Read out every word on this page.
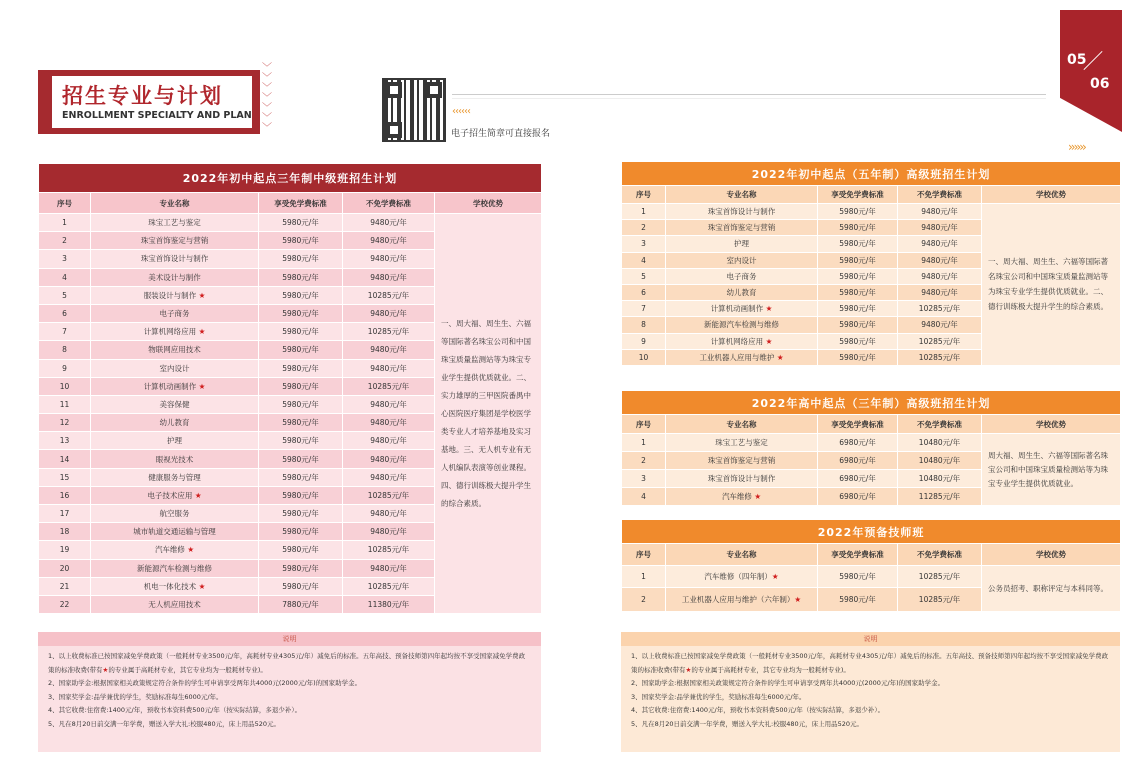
招生专业与计划
ENROLLMENT SPECIALTY AND PLAN
﹀
﹀
﹀
﹀
﹀
﹀
﹀
‹‹‹‹‹‹
电子招生简章可直接报名
05
06
››››››
2022年初中起点三年制中级班招生计划				
序号	专业名称	享受免学费标准	不免学费标准	学校优势
1	珠宝工艺与鉴定	5980元/年	9480元/年	一、周大福、周生生、六福等国际著名珠宝公司和中国珠宝质量监测站等为珠宝专业学生提供优质就业。二、实力雄厚的三甲医院番禺中心医院医疗集团是学校医学类专业人才培养基地及实习基地。三、无人机专业有无人机编队表演等创业课程。四、德行训练极大提升学生的综合素质。
2	珠宝首饰鉴定与营销	5980元/年	9480元/年	
3	珠宝首饰设计与制作	5980元/年	9480元/年	
4	美术设计与制作	5980元/年	9480元/年	
5	服装设计与制作 ★	5980元/年	10285元/年	
6	电子商务	5980元/年	9480元/年	
7	计算机网络应用 ★	5980元/年	10285元/年	
8	物联网应用技术	5980元/年	9480元/年	
9	室内设计	5980元/年	9480元/年	
10	计算机动画制作 ★	5980元/年	10285元/年	
11	美容保健	5980元/年	9480元/年	
12	幼儿教育	5980元/年	9480元/年	
13	护理	5980元/年	9480元/年	
14	眼视光技术	5980元/年	9480元/年	
15	健康服务与管理	5980元/年	9480元/年	
16	电子技术应用 ★	5980元/年	10285元/年	
17	航空服务	5980元/年	9480元/年	
18	城市轨道交通运输与管理	5980元/年	9480元/年	
19	汽车维修 ★	5980元/年	10285元/年	
20	新能源汽车检测与维修	5980元/年	9480元/年	
21	机电一体化技术 ★	5980元/年	10285元/年	
22	无人机应用技术	7880元/年	11380元/年	
2022年初中起点（五年制）高级班招生计划				
序号	专业名称	享受免学费标准	不免学费标准	学校优势
1	珠宝首饰设计与制作	5980元/年	9480元/年	一、周大福、周生生、六福等国际著名珠宝公司和中国珠宝质量监测站等为珠宝专业学生提供优质就业。二、德行训练极大提升学生的综合素质。
2	珠宝首饰鉴定与营销	5980元/年	9480元/年	
3	护理	5980元/年	9480元/年	
4	室内设计	5980元/年	9480元/年	
5	电子商务	5980元/年	9480元/年	
6	幼儿教育	5980元/年	9480元/年	
7	计算机动画制作 ★	5980元/年	10285元/年	
8	新能源汽车检测与维修	5980元/年	9480元/年	
9	计算机网络应用 ★	5980元/年	10285元/年	
10	工业机器人应用与维护 ★	5980元/年	10285元/年	
2022年高中起点（三年制）高级班招生计划				
序号	专业名称	享受免学费标准	不免学费标准	学校优势
1	珠宝工艺与鉴定	6980元/年	10480元/年	周大福、周生生、六福等国际著名珠宝公司和中国珠宝质量检测站等为珠宝专业学生提供优质就业。
2	珠宝首饰鉴定与营销	6980元/年	10480元/年	
3	珠宝首饰设计与制作	6980元/年	10480元/年	
4	汽车维修 ★	6980元/年	11285元/年	
2022年预备技师班				
序号	专业名称	享受免学费标准	不免学费标准	学校优势
1	汽车维修（四年制）★	5980元/年	10285元/年	公务员招考、职称评定与本科同等。
2	工业机器人应用与维护（六年制）★	5980元/年	10285元/年	
说明
1、以上收费标准已按国家减免学费政策（一般耗材专业3500元/年，高耗材专业4305元/年）减免后的标准。五年高技、预备技师第四年起均按不享受国家减免学费政策的标准收费(带有★的专业属于高耗材专业，其它专业均为一般耗材专业)。
2、国家助学金:根据国家相关政策规定符合条件的学生可申请享受两年共4000元(2000元/年)的国家助学金。
3、国家奖学金:品学兼优的学生，奖励标准每生6000元/年。
4、其它收费:住宿费:1400元/年，预收书本资料费500元/年（按实际结算，多退少补）。
5、凡在8月20日前交满一年学费，赠送入学大礼:校服480元，床上用品520元。
说明
1、以上收费标准已按国家减免学费政策（一般耗材专业3500元/年，高耗材专业4305元/年）减免后的标准。五年高技、预备技师第四年起均按不享受国家减免学费政策的标准收费(带有★的专业属于高耗材专业，其它专业均为一般耗材专业)。
2、国家助学金:根据国家相关政策规定符合条件的学生可申请享受两年共4000元(2000元/年)的国家助学金。
3、国家奖学金:品学兼优的学生，奖励标准每生6000元/年。
4、其它收费:住宿费:1400元/年，预收书本资料费500元/年（按实际结算，多退少补）。
5、凡在8月20日前交满一年学费，赠送入学大礼:校服480元，床上用品520元。
